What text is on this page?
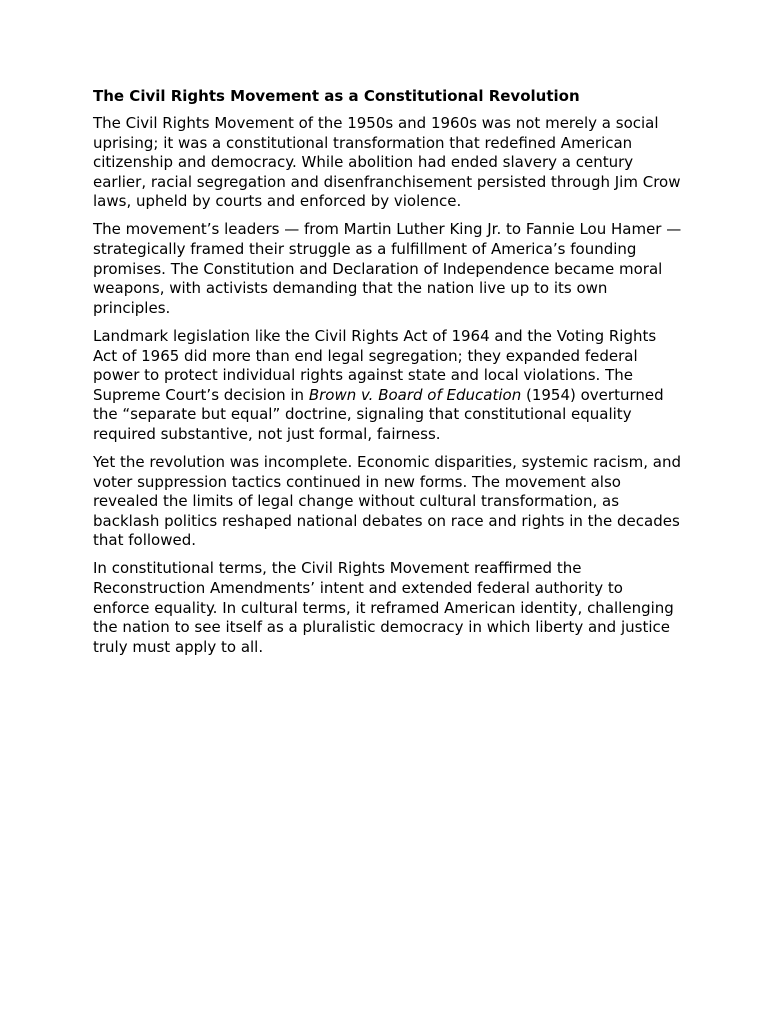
The Civil Rights Movement as a Constitutional Revolution

The Civil Rights Movement of the 1950s and 1960s was not merely a social uprising; it was a constitutional transformation that redefined American citizenship and democracy. While abolition had ended slavery a century earlier, racial segregation and disenfranchisement persisted through Jim Crow laws, upheld by courts and enforced by violence.

The movement’s leaders — from Martin Luther King Jr. to Fannie Lou Hamer — strategically framed their struggle as a fulfillment of America’s founding promises. The Constitution and Declaration of Independence became moral weapons, with activists demanding that the nation live up to its own principles.

Landmark legislation like the Civil Rights Act of 1964 and the Voting Rights Act of 1965 did more than end legal segregation; they expanded federal power to protect individual rights against state and local violations. The Supreme Court’s decision in Brown v. Board of Education (1954) overturned the “separate but equal” doctrine, signaling that constitutional equality required substantive, not just formal, fairness.

Yet the revolution was incomplete. Economic disparities, systemic racism, and voter suppression tactics continued in new forms. The movement also revealed the limits of legal change without cultural transformation, as backlash politics reshaped national debates on race and rights in the decades that followed.

In constitutional terms, the Civil Rights Movement reaffirmed the Reconstruction Amendments’ intent and extended federal authority to enforce equality. In cultural terms, it reframed American identity, challenging the nation to see itself as a pluralistic democracy in which liberty and justice truly must apply to all.
